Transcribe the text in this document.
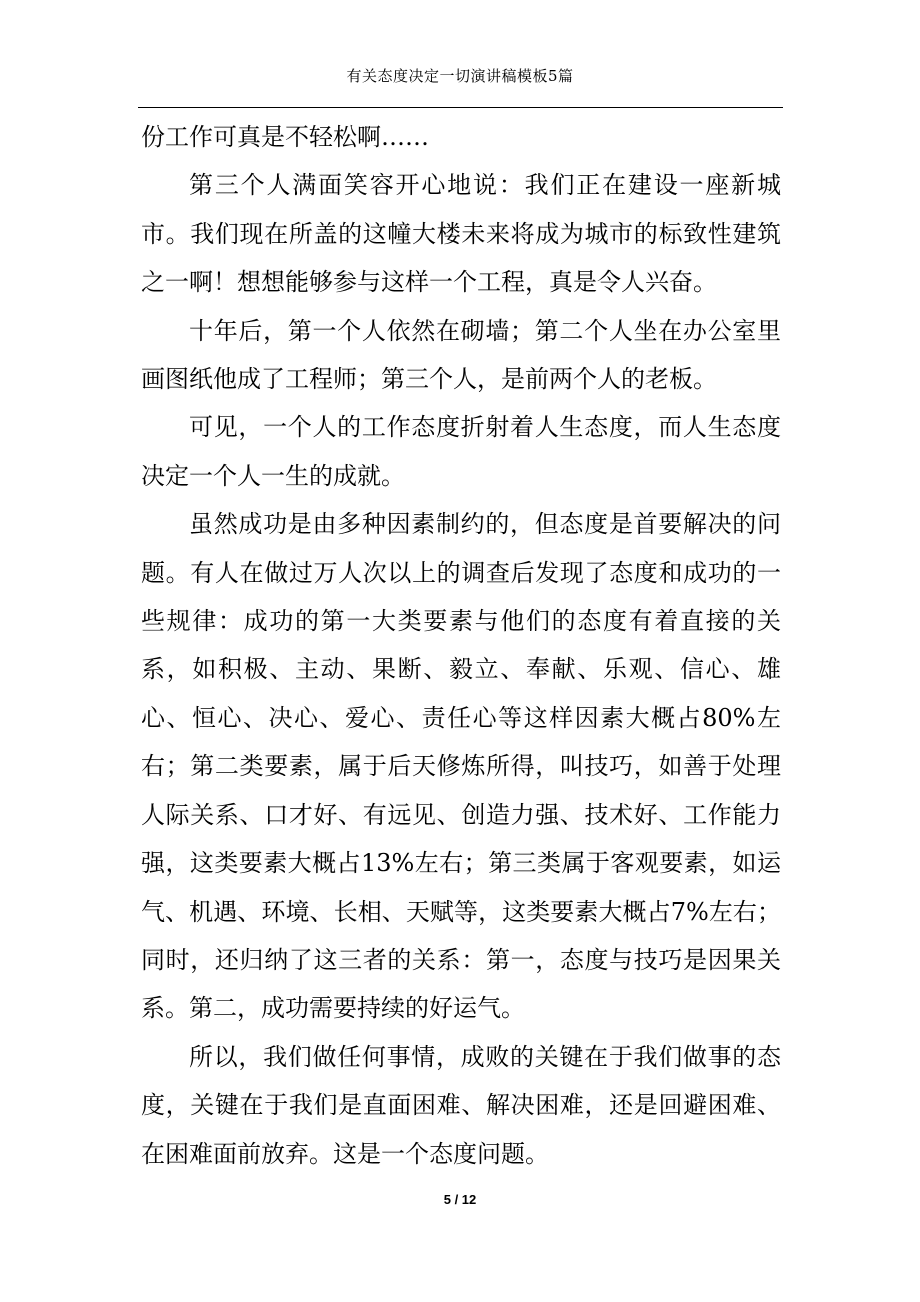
有关态度决定一切演讲稿模板5篇

份工作可真是不轻松啊……

第三个人满面笑容开心地说：我们正在建设一座新城市。我们现在所盖的这幢大楼未来将成为城市的标致性建筑之一啊！想想能够参与这样一个工程，真是令人兴奋。

十年后，第一个人依然在砌墙；第二个人坐在办公室里画图纸他成了工程师；第三个人，是前两个人的老板。

可见，一个人的工作态度折射着人生态度，而人生态度决定一个人一生的成就。

虽然成功是由多种因素制约的，但态度是首要解决的问题。有人在做过万人次以上的调查后发现了态度和成功的一些规律：成功的第一大类要素与他们的态度有着直接的关系，如积极、主动、果断、毅立、奉献、乐观、信心、雄心、恒心、决心、爱心、责任心等这样因素大概占80%左右；第二类要素，属于后天修炼所得，叫技巧，如善于处理人际关系、口才好、有远见、创造力强、技术好、工作能力强，这类要素大概占13%左右；第三类属于客观要素，如运气、机遇、环境、长相、天赋等，这类要素大概占7%左右；同时，还归纳了这三者的关系：第一，态度与技巧是因果关系。第二，成功需要持续的好运气。

所以，我们做任何事情，成败的关键在于我们做事的态度，关键在于我们是直面困难、解决困难，还是回避困难、在困难面前放弃。这是一个态度问题。

5 / 12
